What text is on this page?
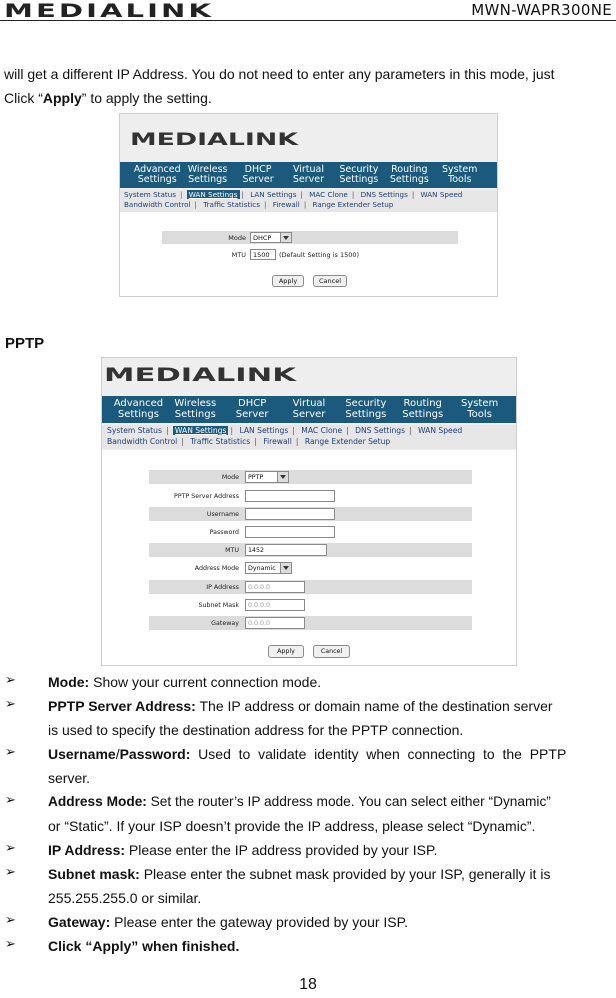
MEDIALINK	MWN-WAPR300NE
will get a different IP Address. You do not need to enter any parameters in this mode, just
Click “Apply” to apply the setting.
MEDIALINK
Advanced
Settings
Wireless
Settings
DHCP
Server
Virtual
Server
Security
Settings
Routing
Settings
System
Tools
System Status | WAN Settings | LAN Settings | MAC Clone | DNS Settings | WAN Speed
Bandwidth Control | Traffic Statistics | Firewall | Range Extender Setup
Mode	DHCP
MTU	1500	(Default Setting is 1500)
Apply	Cancel
PPTP
MEDIALINK
Advanced
Settings
Wireless
Settings
DHCP
Server
Virtual
Server
Security
Settings
Routing
Settings
System
Tools
System Status | WAN Settings | LAN Settings | MAC Clone | DNS Settings | WAN Speed
Bandwidth Control | Traffic Statistics | Firewall | Range Extender Setup
Mode	PPTP
PPTP Server Address
Username
Password
MTU	1452
Address Mode	Dynamic
IP Address	0.0.0.0
Subnet Mask	0.0.0.0
Gateway	0.0.0.0
Apply	Cancel
➢ Mode: Show your current connection mode.
➢ PPTP Server Address: The IP address or domain name of the destination server
is used to specify the destination address for the PPTP connection.
➢ Username/Password:  Used  to  validate  identity  when  connecting  to  the  PPTP
server.
➢ Address Mode: Set the router’s IP address mode. You can select either “Dynamic”
or “Static”. If your ISP doesn’t provide the IP address, please select “Dynamic”.
➢ IP Address: Please enter the IP address provided by your ISP.
➢ Subnet mask: Please enter the subnet mask provided by your ISP, generally it is
255.255.255.0 or similar.
➢ Gateway: Please enter the gateway provided by your ISP.
➢ Click “Apply” when finished.
18
